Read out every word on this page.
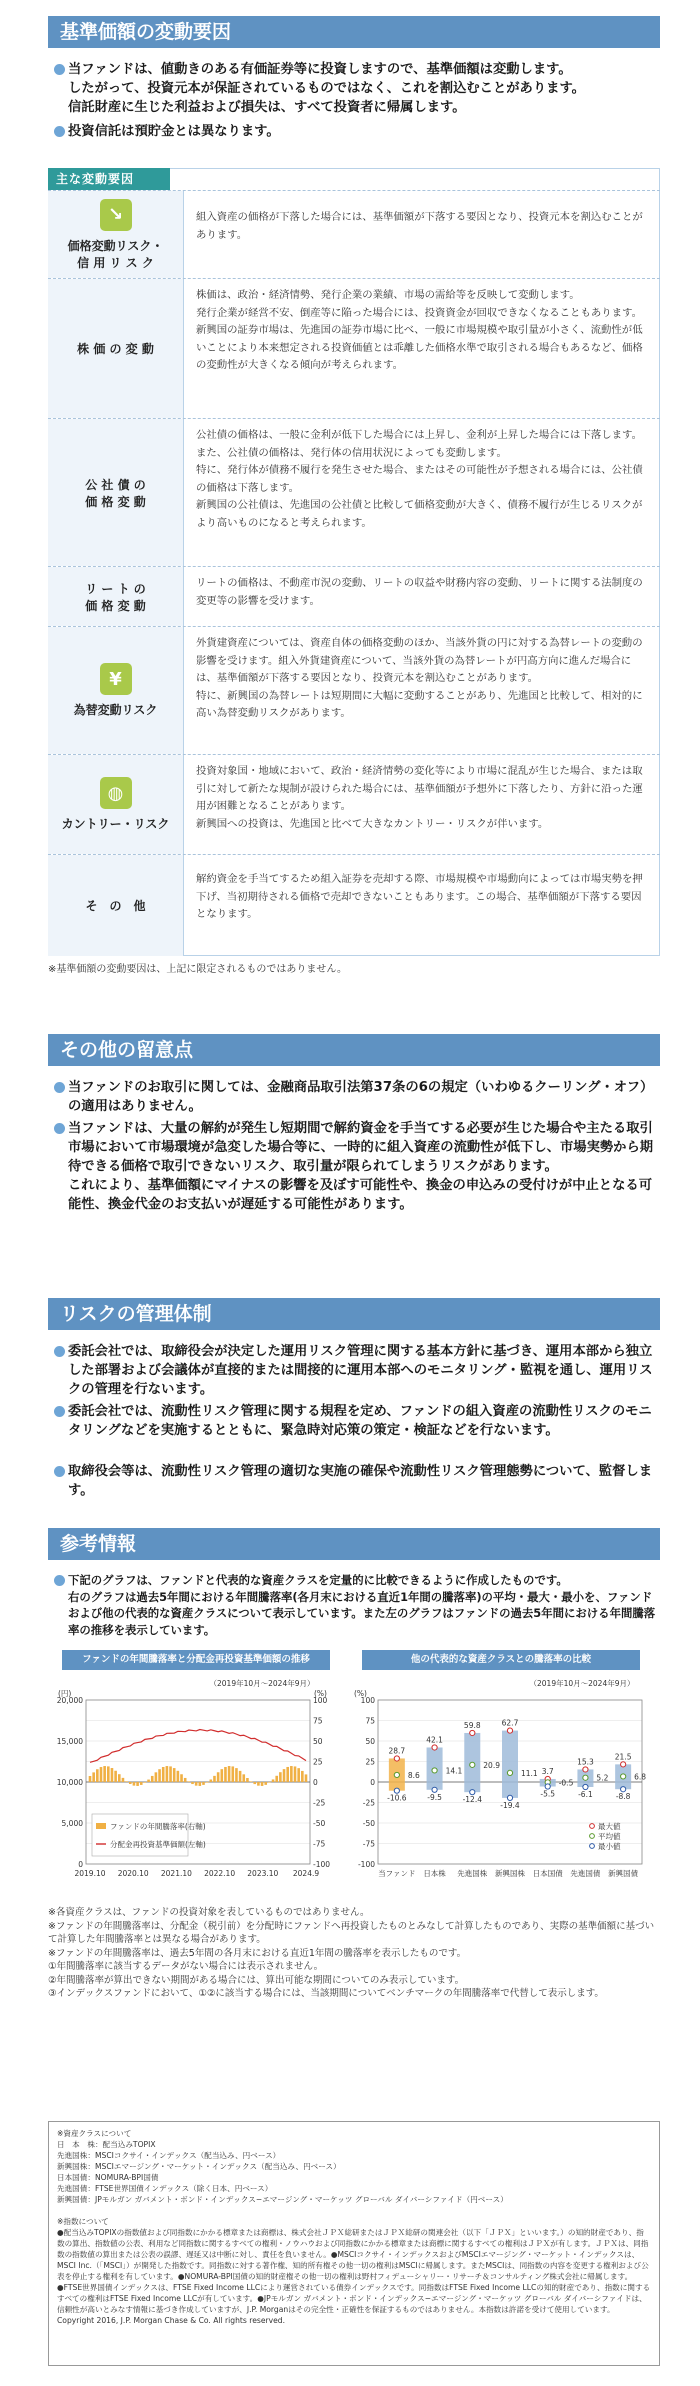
基準価額の変動要因
当ファンドは、値動きのある有価証券等に投資しますので、基準価額は変動します。
したがって、投資元本が保証されているものではなく、これを割込むことがあります。
信託財産に生じた利益および損失は、すべて投資者に帰属します。
投資信託は預貯金とは異なります。
主な変動要因
↘
価格変動リスク・
信 用 リ ス ク
組入資産の価格が下落した場合には、基準価額が下落する要因となり、投資元本を割込むことがあります。
株 価 の 変 動
株価は、政治・経済情勢、発行企業の業績、市場の需給等を反映して変動します。
発行企業が経営不安、倒産等に陥った場合には、投資資金が回収できなくなることもあります。
新興国の証券市場は、先進国の証券市場に比べ、一般に市場規模や取引量が小さく、流動性が低いことにより本来想定される投資価値とは乖離した価格水準で取引される場合もあるなど、価格の変動性が大きくなる傾向が考えられます。
公 社 債 の
価 格 変 動
公社債の価格は、一般に金利が低下した場合には上昇し、金利が上昇した場合には下落します。また、公社債の価格は、発行体の信用状況によっても変動します。
特に、発行体が債務不履行を発生させた場合、またはその可能性が予想される場合には、公社債の価格は下落します。
新興国の公社債は、先進国の公社債と比較して価格変動が大きく、債務不履行が生じるリスクがより高いものになると考えられます。
リ ー ト の
価 格 変 動
リートの価格は、不動産市況の変動、リートの収益や財務内容の変動、リートに関する法制度の変更等の影響を受けます。
¥
為替変動リスク
外貨建資産については、資産自体の価格変動のほか、当該外貨の円に対する為替レートの変動の影響を受けます。組入外貨建資産について、当該外貨の為替レートが円高方向に進んだ場合には、基準価額が下落する要因となり、投資元本を割込むことがあります。
特に、新興国の為替レートは短期間に大幅に変動することがあり、先進国と比較して、相対的に高い為替変動リスクがあります。
◍
カントリー・リスク
投資対象国・地域において、政治・経済情勢の変化等により市場に混乱が生じた場合、または取引に対して新たな規制が設けられた場合には、基準価額が予想外に下落したり、方針に沿った運用が困難となることがあります。
新興国への投資は、先進国と比べて大きなカントリー・リスクが伴います。
そ　の　他
解約資金を手当てするため組入証券を売却する際、市場規模や市場動向によっては市場実勢を押下げ、当初期待される価格で売却できないこともあります。この場合、基準価額が下落する要因となります。
※基準価額の変動要因は、上記に限定されるものではありません。
その他の留意点
当ファンドのお取引に関しては、金融商品取引法第37条の6の規定（いわゆるクーリング・オフ）の適用はありません。
当ファンドは、大量の解約が発生し短期間で解約資金を手当てする必要が生じた場合や主たる取引市場において市場環境が急変した場合等に、一時的に組入資産の流動性が低下し、市場実勢から期待できる価格で取引できないリスク、取引量が限られてしまうリスクがあります。
これにより、基準価額にマイナスの影響を及ぼす可能性や、換金の申込みの受付けが中止となる可能性、換金代金のお支払いが遅延する可能性があります。
リスクの管理体制
委託会社では、取締役会が決定した運用リスク管理に関する基本方針に基づき、運用本部から独立した部署および会議体が直接的または間接的に運用本部へのモニタリング・監視を通し、運用リスクの管理を行ないます。
委託会社では、流動性リスク管理に関する規程を定め、ファンドの組入資産の流動性リスクのモニタリングなどを実施するとともに、緊急時対応策の策定・検証などを行ないます。
取締役会等は、流動性リスク管理の適切な実施の確保や流動性リスク管理態勢について、監督します。
参考情報
下記のグラフは、ファンドと代表的な資産クラスを定量的に比較できるように作成したものです。
右のグラフは過去5年間における年間騰落率(各月末における直近1年間の騰落率)の平均・最大・最小を、ファンドおよび他の代表的な資産クラスについて表示しています。また左のグラフはファンドの過去5年間における年間騰落率の推移を表示しています。
ファンドの年間騰落率と分配金再投資基準価額の推移
（2019年10月〜2024年9月）
(円)	(%)
100
75
50
25
0
-25
-50
-75
-100
20,000
15,000
10,000
5,000
0
2019.10 2020.10 2021.10 2022.10 2023.10 2024.9
ファンドの年間騰落率(右軸)
分配金再投資基準価額(左軸)
他の代表的な資産クラスとの騰落率の比較
（2019年10月〜2024年9月）
(%)
100
75
50
25
0
-25
-50
-75
-100
28.7
8.6
-10.6
当ファンド
42.1
14.1
-9.5
日本株
59.8
20.9
-12.4
先進国株
62.7
11.1
-19.4
新興国株
3.7
-0.5
-5.5
日本国債
15.3
5.2
-6.1
先進国債
21.5
6.8
-8.8
新興国債
最大値
平均値
最小値
※各資産クラスは、ファンドの投資対象を表しているものではありません。
※ファンドの年間騰落率は、分配金（税引前）を分配時にファンドへ再投資したものとみなして計算したものであり、実際の基準価額に基づいて計算した年間騰落率とは異なる場合があります。
※ファンドの年間騰落率は、過去5年間の各月末における直近1年間の騰落率を表示したものです。
①年間騰落率に該当するデータがない場合には表示されません。
②年間騰落率が算出できない期間がある場合には、算出可能な期間についてのみ表示しています。
③インデックスファンドにおいて、①②に該当する場合には、当該期間についてベンチマークの年間騰落率で代替して表示します。
※資産クラスについて
日　本　株：配当込みTOPIX
先進国株：MSCIコクサイ・インデックス（配当込み、円ベース）
新興国株：MSCIエマージング・マーケット・インデックス（配当込み、円ベース）
日本国債：NOMURA-BPI国債
先進国債：FTSE世界国債インデックス（除く日本、円ベース）
新興国債：JPモルガン ガバメント・ボンド・インデックス−エマージング・マーケッツ グローバル ダイバーシファイド（円ベース）

※指数について
●配当込みTOPIXの指数値および同指数にかかる標章または商標は、株式会社ＪＰＸ総研またはＪＰＸ総研の関連会社（以下「ＪＰＸ」といいます。）の知的財産であり、指数の算出、指数値の公表、利用など同指数に関するすべての権利・ノウハウおよび同指数にかかる標章または商標に関するすべての権利はＪＰＸが有します。ＪＰＸは、同指数の指数値の算出または公表の誤謬、遅延又は中断に対し、責任を負いません。●MSCIコクサイ・インデックスおよびMSCIエマージング・マーケット・インデックスは、MSCI Inc.（「MSCI」）が開発した指数です。同指数に対する著作権、知的所有権その他一切の権利はMSCIに帰属します。またMSCIは、同指数の内容を変更する権利および公表を停止する権利を有しています。●NOMURA-BPI国債の知的財産権その他一切の権利は野村フィデューシャリー・リサーチ＆コンサルティング株式会社に帰属します。●FTSE世界国債インデックスは、FTSE Fixed Income LLCにより運営されている債券インデックスです。同指数はFTSE Fixed Income LLCの知的財産であり、指数に関するすべての権利はFTSE Fixed Income LLCが有しています。●JPモルガン ガバメント・ボンド・インデックス−エマージング・マーケッツ グローバル ダイバーシファイドは、信頼性が高いとみなす情報に基づき作成していますが、J.P. Morganはその完全性・正確性を保証するものではありません。本指数は許諾を受けて使用しています。Copyright 2016, J.P. Morgan Chase & Co. All rights reserved.
